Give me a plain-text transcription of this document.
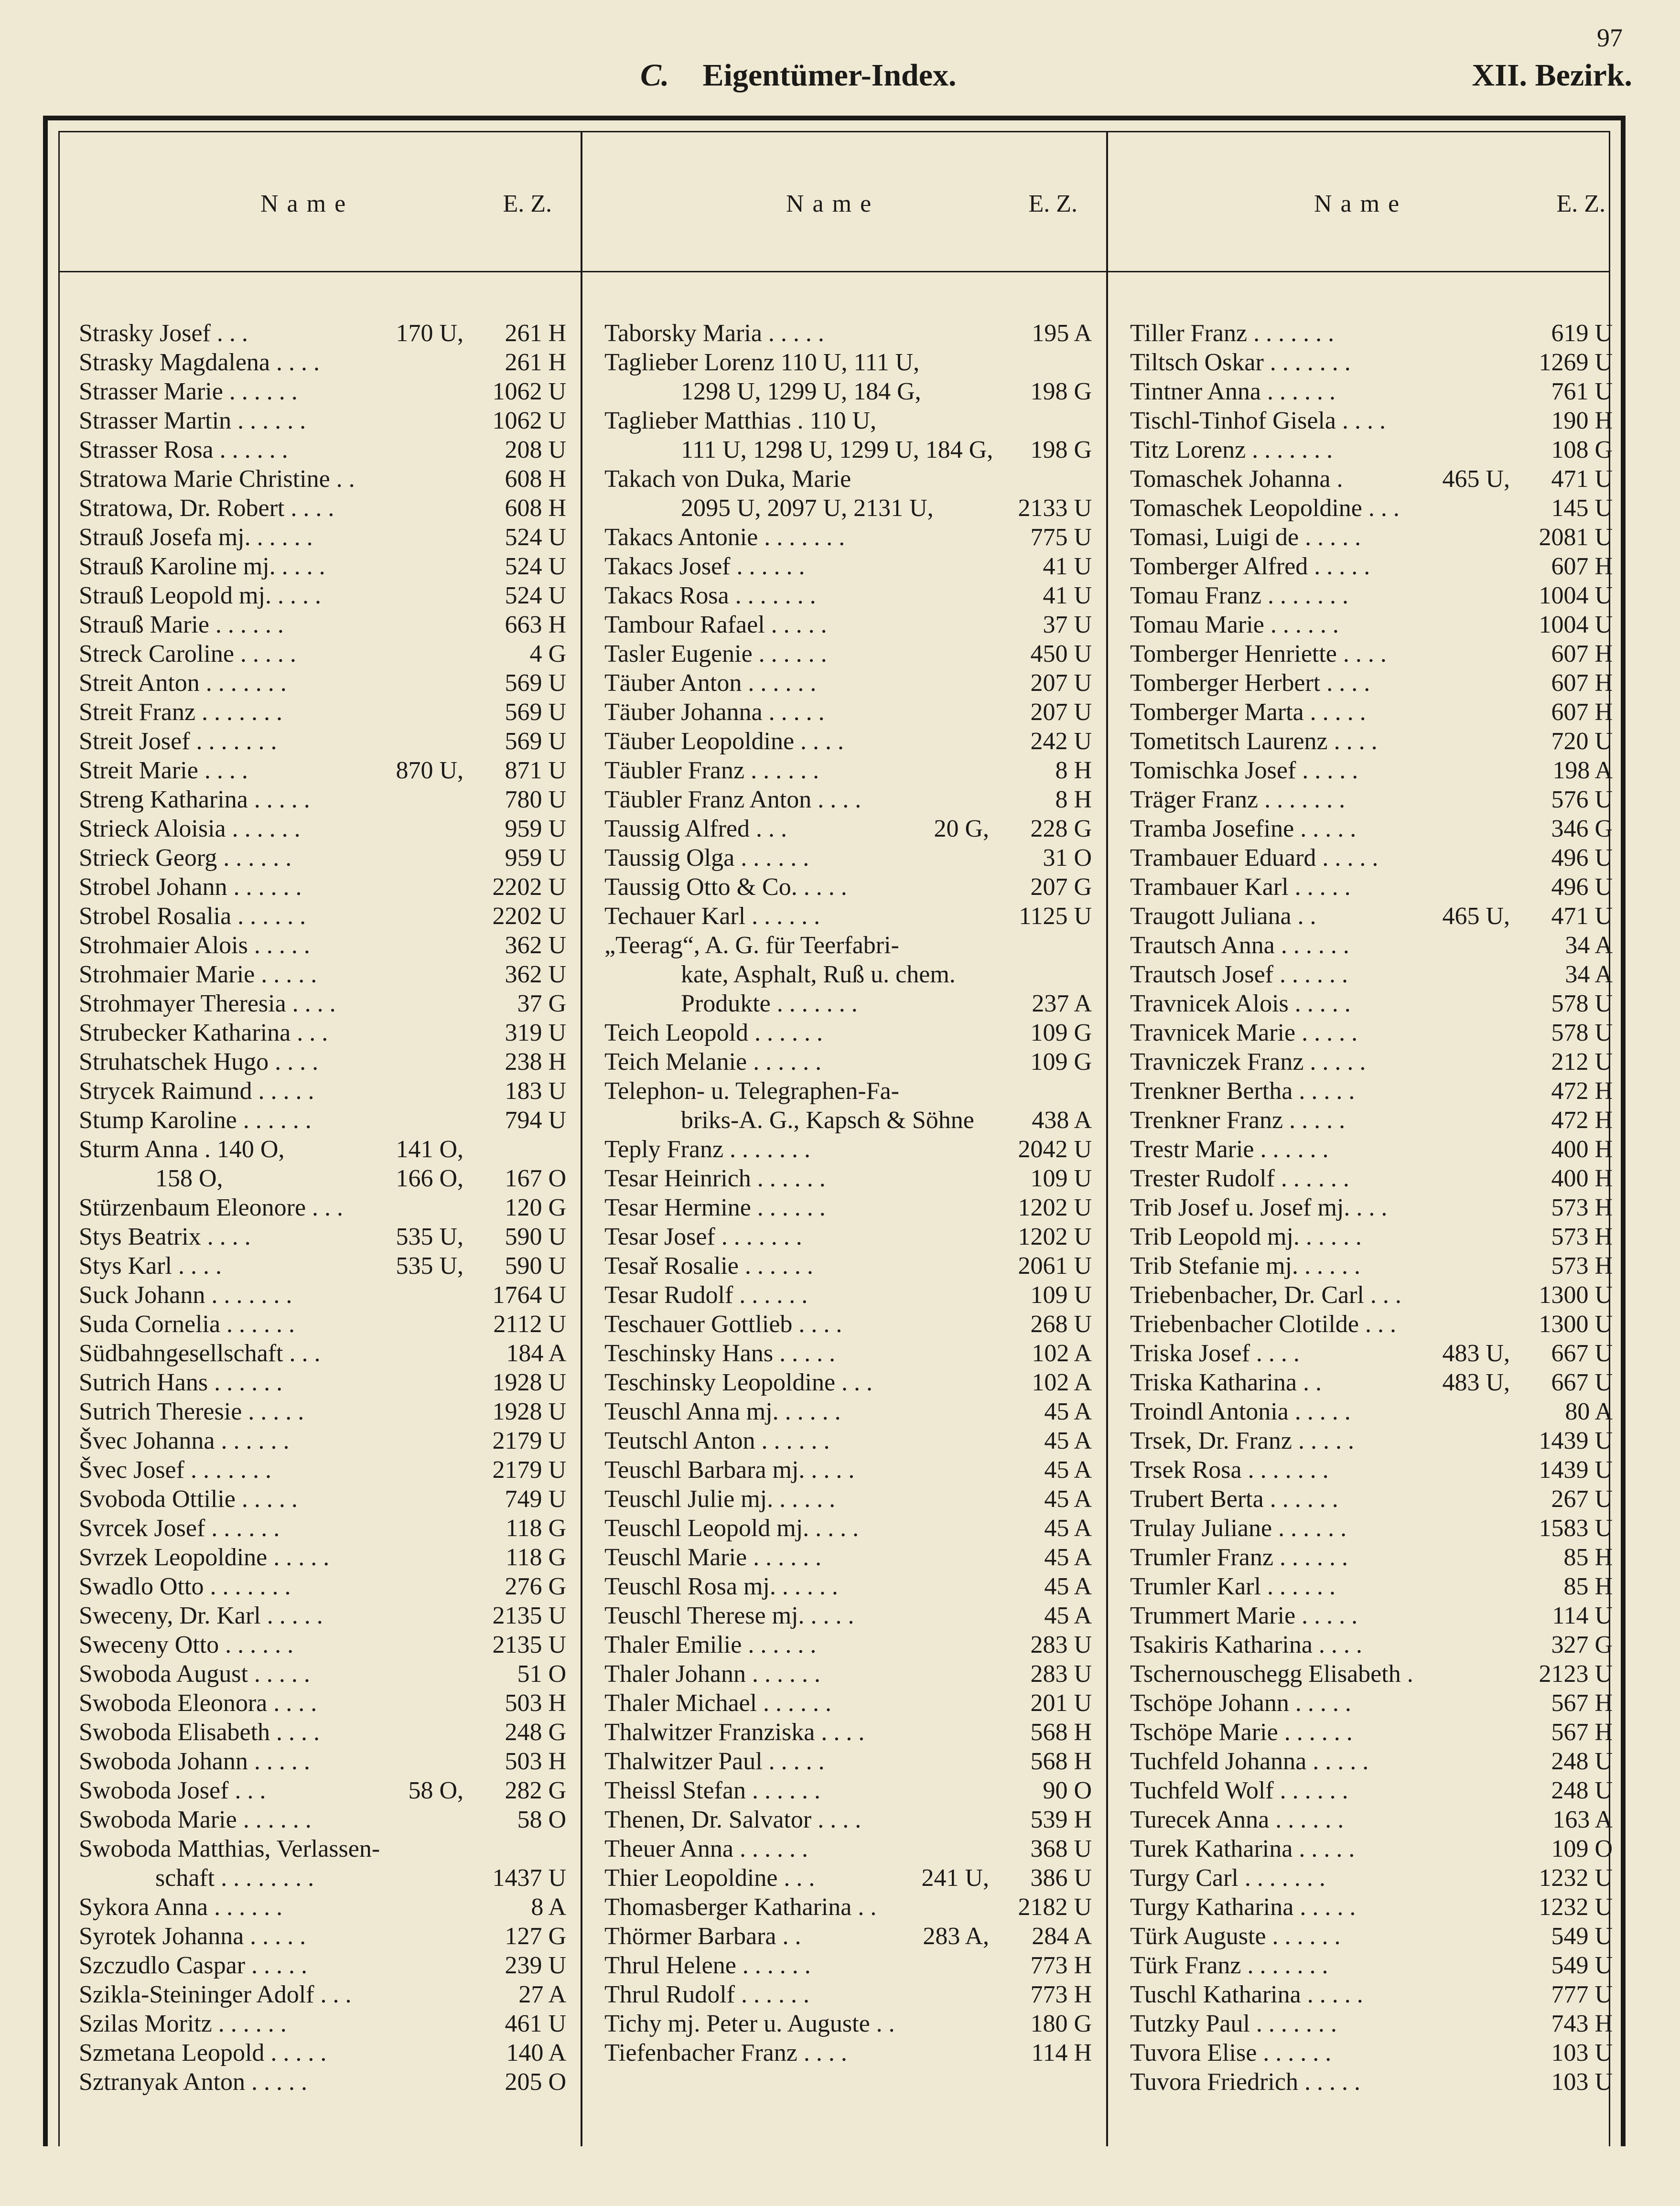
97
C. Eigentümer-Index.	XII. Bezirk.
Name	E. Z.	Name	E. Z.	Name	E. Z.
Strasky Josef . . .	170 U, 261 H
Strasky Magdalena . . . .	261 H
Strasser Marie . . . . . .	1062 U
Strasser Martin . . . . . .	1062 U
Strasser Rosa . . . . . .	208 U
Stratowa Marie Christine . .	608 H
Stratowa, Dr. Robert . . . .	608 H
Strauß Josefa mj. . . . . .	524 U
Strauß Karoline mj. . . . .	524 U
Strauß Leopold mj. . . . .	524 U
Strauß Marie . . . . . .	663 H
Streck Caroline . . . . .	4 G
Streit Anton . . . . . . .	569 U
Streit Franz . . . . . . .	569 U
Streit Josef . . . . . . .	569 U
Streit Marie . . . .	870 U, 871 U
Streng Katharina . . . . .	780 U
Strieck Aloisia . . . . . .	959 U
Strieck Georg . . . . . .	959 U
Strobel Johann . . . . . .	2202 U
Strobel Rosalia . . . . . .	2202 U
Strohmaier Alois . . . . .	362 U
Strohmaier Marie . . . . .	362 U
Strohmayer Theresia . . . .	37 G
Strubecker Katharina . . .	319 U
Struhatschek Hugo . . . .	238 H
Strycek Raimund . . . . .	183 U
Stump Karoline . . . . . .	794 U
Sturm Anna . 140 O,	141 O,
158 O,	166 O, 167 O
Stürzenbaum Eleonore . . .	120 G
Stys Beatrix . . . .	535 U, 590 U
Stys Karl . . . .	535 U, 590 U
Suck Johann . . . . . . .	1764 U
Suda Cornelia . . . . . .	2112 U
Südbahngesellschaft . . .	184 A
Sutrich Hans . . . . . .	1928 U
Sutrich Theresie . . . . .	1928 U
Švec Johanna . . . . . .	2179 U
Švec Josef . . . . . . .	2179 U
Svoboda Ottilie . . . . .	749 U
Svrcek Josef . . . . . .	118 G
Svrzek Leopoldine . . . . .	118 G
Swadlo Otto . . . . . . .	276 G
Sweceny, Dr. Karl . . . . .	2135 U
Sweceny Otto . . . . . .	2135 U
Swoboda August . . . . .	51 O
Swoboda Eleonora . . . .	503 H
Swoboda Elisabeth . . . .	248 G
Swoboda Johann . . . . .	503 H
Swoboda Josef . . .	58 O, 282 G
Swoboda Marie . . . . . .	58 O
Swoboda Matthias, Verlassen-
schaft . . . . . . . .	1437 U
Sykora Anna . . . . . .	8 A
Syrotek Johanna . . . . .	127 G
Szczudlo Caspar . . . . .	239 U
Szikla-Steininger Adolf . . .	27 A
Szilas Moritz . . . . . .	461 U
Szmetana Leopold . . . . .	140 A
Sztranyak Anton . . . . .	205 O
Taborsky Maria . . . . .	195 A
Taglieber Lorenz 110 U, 111 U,
1298 U, 1299 U, 184 G,	198 G
Taglieber Matthias . 110 U,
111 U, 1298 U, 1299 U, 184 G, 198 G
Takach von Duka, Marie
2095 U, 2097 U, 2131 U,	2133 U
Takacs Antonie . . . . . . .	775 U
Takacs Josef . . . . . .	41 U
Takacs Rosa . . . . . . .	41 U
Tambour Rafael . . . . .	37 U
Tasler Eugenie . . . . . .	450 U
Täuber Anton . . . . . .	207 U
Täuber Johanna . . . . .	207 U
Täuber Leopoldine . . . .	242 U
Täubler Franz . . . . . .	8 H
Täubler Franz Anton . . . .	8 H
Taussig Alfred . . .	20 G, 228 G
Taussig Olga . . . . . .	31 O
Taussig Otto & Co. . . . .	207 G
Techauer Karl . . . . . .	1125 U
„Teerag“, A. G. für Teerfabri-
kate, Asphalt, Ruß u. chem.
Produkte . . . . . . .	237 A
Teich Leopold . . . . . .	109 G
Teich Melanie . . . . . .	109 G
Telephon- u. Telegraphen-Fa-
briks-A. G., Kapsch & Söhne 438 A
Teply Franz . . . . . . .	2042 U
Tesar Heinrich . . . . . .	109 U
Tesar Hermine . . . . . .	1202 U
Tesar Josef . . . . . . .	1202 U
Tesař Rosalie . . . . . .	2061 U
Tesar Rudolf . . . . . .	109 U
Teschauer Gottlieb . . . .	268 U
Teschinsky Hans . . . . .	102 A
Teschinsky Leopoldine . . .	102 A
Teuschl Anna mj. . . . . .	45 A
Teutschl Anton . . . . . .	45 A
Teuschl Barbara mj. . . . .	45 A
Teuschl Julie mj. . . . . .	45 A
Teuschl Leopold mj. . . . .	45 A
Teuschl Marie . . . . . .	45 A
Teuschl Rosa mj. . . . . .	45 A
Teuschl Therese mj. . . . .	45 A
Thaler Emilie . . . . . .	283 U
Thaler Johann . . . . . .	283 U
Thaler Michael . . . . . .	201 U
Thalwitzer Franziska . . . .	568 H
Thalwitzer Paul . . . . .	568 H
Theissl Stefan . . . . . .	90 O
Thenen, Dr. Salvator . . . .	539 H
Theuer Anna . . . . . .	368 U
Thier Leopoldine . . .	241 U, 386 U
Thomasberger Katharina . .	2182 U
Thörmer Barbara . .	283 A, 284 A
Thrul Helene . . . . . .	773 H
Thrul Rudolf . . . . . .	773 H
Tichy mj. Peter u. Auguste . .	180 G
Tiefenbacher Franz . . . .	114 H
Tiller Franz . . . . . . .	619 U
Tiltsch Oskar . . . . . . .	1269 U
Tintner Anna . . . . . .	761 U
Tischl-Tinhof Gisela . . . .	190 H
Titz Lorenz . . . . . . .	108 G
Tomaschek Johanna .	465 U, 471 U
Tomaschek Leopoldine . . .	145 U
Tomasi, Luigi de . . . . .	2081 U
Tomberger Alfred . . . . .	607 H
Tomau Franz . . . . . . .	1004 U
Tomau Marie . . . . . .	1004 U
Tomberger Henriette . . . .	607 H
Tomberger Herbert . . . .	607 H
Tomberger Marta . . . . .	607 H
Tometitsch Laurenz . . . .	720 U
Tomischka Josef . . . . .	198 A
Träger Franz . . . . . . .	576 U
Tramba Josefine . . . . .	346 G
Trambauer Eduard . . . . .	496 U
Trambauer Karl . . . . .	496 U
Traugott Juliana . .	465 U, 471 U
Trautsch Anna . . . . . .	34 A
Trautsch Josef . . . . . .	34 A
Travnicek Alois . . . . .	578 U
Travnicek Marie . . . . .	578 U
Travniczek Franz . . . . .	212 U
Trenkner Bertha . . . . .	472 H
Trenkner Franz . . . . .	472 H
Trestr Marie . . . . . .	400 H
Trester Rudolf . . . . . .	400 H
Trib Josef u. Josef mj. . . .	573 H
Trib Leopold mj. . . . . .	573 H
Trib Stefanie mj. . . . . .	573 H
Triebenbacher, Dr. Carl . . .	1300 U
Triebenbacher Clotilde . . .	1300 U
Triska Josef . . . .	483 U, 667 U
Triska Katharina . .	483 U, 667 U
Troindl Antonia . . . . .	80 A
Trsek, Dr. Franz . . . . .	1439 U
Trsek Rosa . . . . . . .	1439 U
Trubert Berta . . . . . .	267 U
Trulay Juliane . . . . . .	1583 U
Trumler Franz . . . . . .	85 H
Trumler Karl . . . . . .	85 H
Trummert Marie . . . . .	114 U
Tsakiris Katharina . . . .	327 G
Tschernouschegg Elisabeth .	2123 U
Tschöpe Johann . . . . .	567 H
Tschöpe Marie . . . . . .	567 H
Tuchfeld Johanna . . . . .	248 U
Tuchfeld Wolf . . . . . .	248 U
Turecek Anna . . . . . .	163 A
Turek Katharina . . . . .	109 O
Turgy Carl . . . . . . .	1232 U
Turgy Katharina . . . . .	1232 U
Türk Auguste . . . . . .	549 U
Türk Franz . . . . . . .	549 U
Tuschl Katharina . . . . .	777 U
Tutzky Paul . . . . . . .	743 H
Tuvora Elise . . . . . .	103 U
Tuvora Friedrich . . . . .	103 U
